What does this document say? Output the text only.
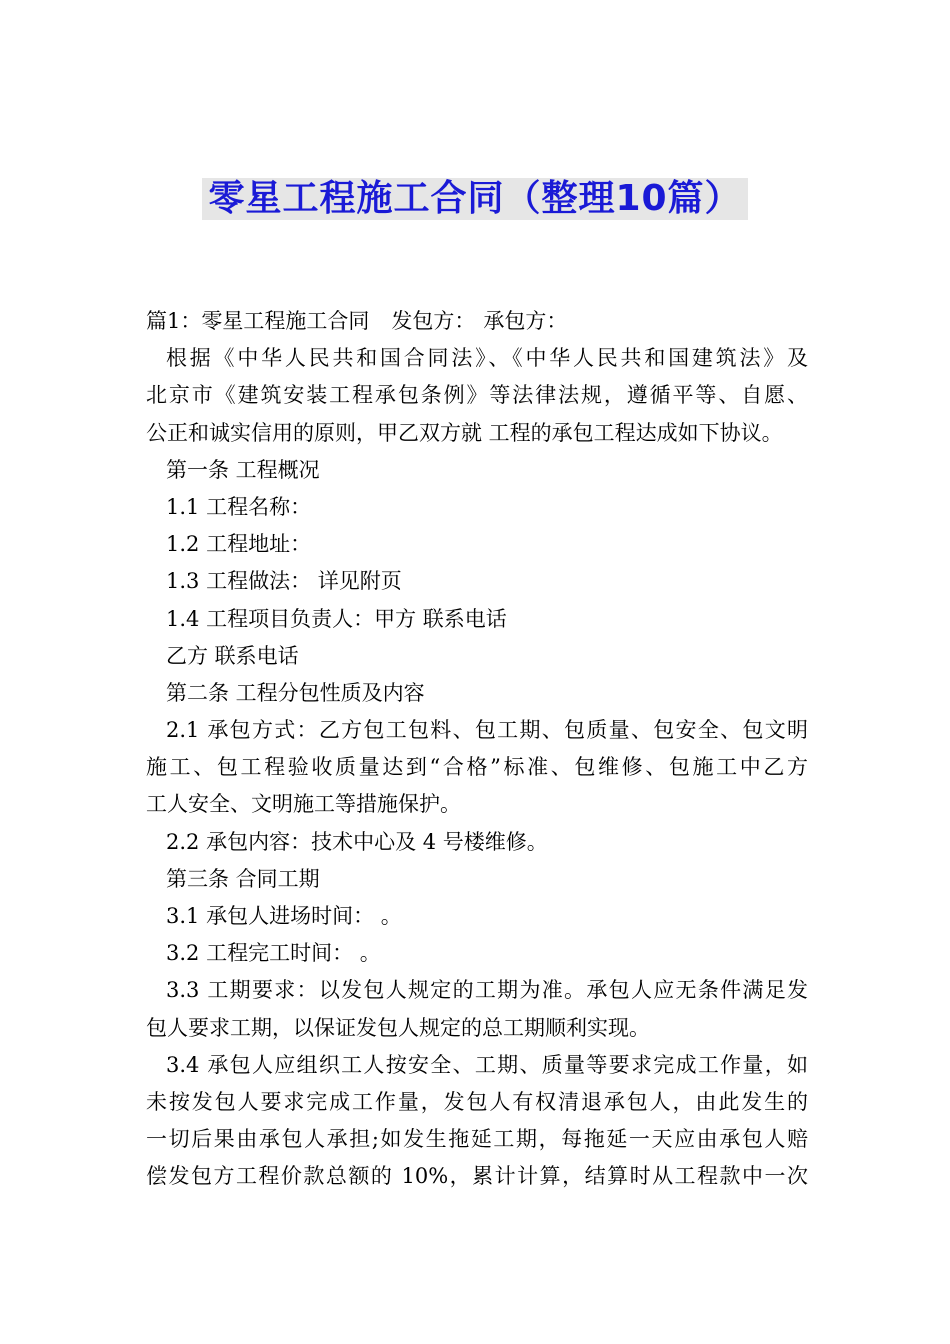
零星工程施工合同（整理10篇）
篇1：零星工程施工合同 发包方： 承包方：
根据《中华人民共和国合同法》、《中华人民共和国建筑法》及
北京市《建筑安装工程承包条例》等法律法规，遵循平等、自愿、
公正和诚实信用的原则，甲乙双方就 工程的承包工程达成如下协议。
第一条 工程概况
1.1 工程名称：
1.2 工程地址：
1.3 工程做法： 详见附页
1.4 工程项目负责人：甲方 联系电话
乙方 联系电话
第二条 工程分包性质及内容
2.1 承包方式：乙方包工包料、包工期、包质量、包安全、包文明
施工、包工程验收质量达到“合格”标准、包维修、包施工中乙方
工人安全、文明施工等措施保护。
2.2 承包内容：技术中心及 4 号楼维修。
第三条 合同工期
3.1 承包人进场时间： 。
3.2 工程完工时间： 。
3.3 工期要求：以发包人规定的工期为准。承包人应无条件满足发
包人要求工期，以保证发包人规定的总工期顺利实现。
3.4 承包人应组织工人按安全、工期、质量等要求完成工作量，如
未按发包人要求完成工作量，发包人有权清退承包人，由此发生的
一切后果由承包人承担;如发生拖延工期，每拖延一天应由承包人赔
偿发包方工程价款总额的 10%，累计计算，结算时从工程款中一次
